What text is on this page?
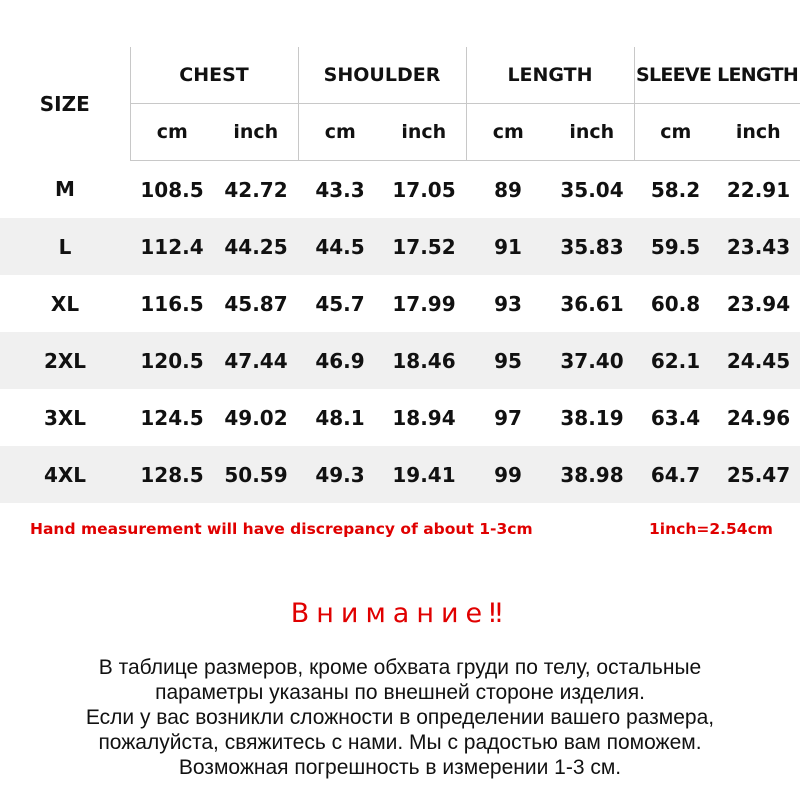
SIZE	CHEST		SHOULDER		LENGTH		SLEEVE LENGTH	
	cm	inch	cm	inch	cm	inch	cm	inch
M	108.5	42.72	43.3	17.05	89	35.04	58.2	22.91
L	112.4	44.25	44.5	17.52	91	35.83	59.5	23.43
XL	116.5	45.87	45.7	17.99	93	36.61	60.8	23.94
2XL	120.5	47.44	46.9	18.46	95	37.40	62.1	24.45
3XL	124.5	49.02	48.1	18.94	97	38.19	63.4	24.96
4XL	128.5	50.59	49.3	19.41	99	38.98	64.7	25.47
Hand measurement will have discrepancy of about 1-3cm	1inch=2.54cm
Внимание‼
В таблице размеров, кроме обхвата груди по телу, остальные
параметры указаны по внешней стороне изделия.
Если у вас возникли сложности в определении вашего размера,
пожалуйста, свяжитесь с нами. Мы с радостью вам поможем.
Возможная погрешность в измерении 1-3 см.
